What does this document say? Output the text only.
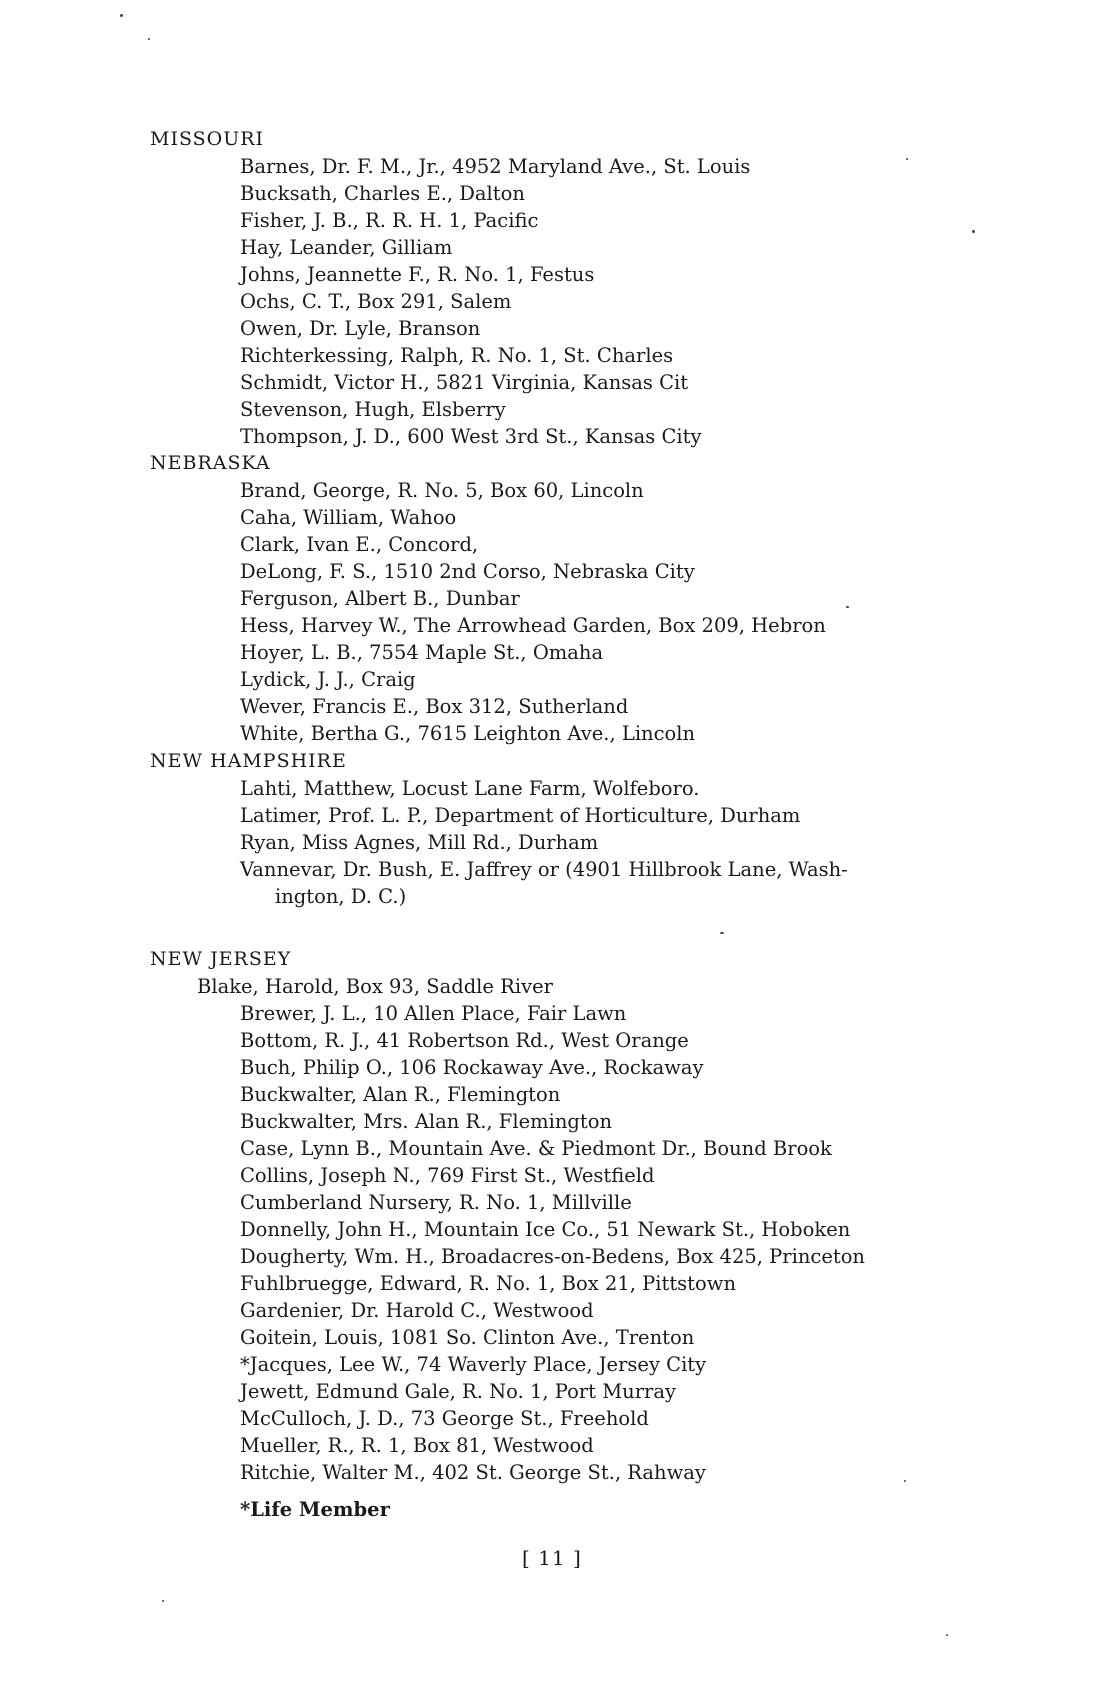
MISSOURI
Barnes, Dr. F. M., Jr., 4952 Maryland Ave., St. Louis
Bucksath, Charles E., Dalton
Fisher, J. B., R. R. H. 1, Pacific
Hay, Leander, Gilliam
Johns, Jeannette F., R. No. 1, Festus
Ochs, C. T., Box 291, Salem
Owen, Dr. Lyle, Branson
Richterkessing, Ralph, R. No. 1, St. Charles
Schmidt, Victor H., 5821 Virginia, Kansas Cit
Stevenson, Hugh, Elsberry
Thompson, J. D., 600 West 3rd St., Kansas City
NEBRASKA
Brand, George, R. No. 5, Box 60, Lincoln
Caha, William, Wahoo
Clark, Ivan E., Concord,
DeLong, F. S., 1510 2nd Corso, Nebraska City
Ferguson, Albert B., Dunbar
Hess, Harvey W., The Arrowhead Garden, Box 209, Hebron
Hoyer, L. B., 7554 Maple St., Omaha
Lydick, J. J., Craig
Wever, Francis E., Box 312, Sutherland
White, Bertha G., 7615 Leighton Ave., Lincoln
NEW HAMPSHIRE
Lahti, Matthew, Locust Lane Farm, Wolfeboro.
Latimer, Prof. L. P., Department of Horticulture, Durham
Ryan, Miss Agnes, Mill Rd., Durham
Vannevar, Dr. Bush, E. Jaffrey or (4901 Hillbrook Lane, Wash-
ington, D. C.)
NEW JERSEY
Blake, Harold, Box 93, Saddle River
Brewer, J. L., 10 Allen Place, Fair Lawn
Bottom, R. J., 41 Robertson Rd., West Orange
Buch, Philip O., 106 Rockaway Ave., Rockaway
Buckwalter, Alan R., Flemington
Buckwalter, Mrs. Alan R., Flemington
Case, Lynn B., Mountain Ave. & Piedmont Dr., Bound Brook
Collins, Joseph N., 769 First St., Westfield
Cumberland Nursery, R. No. 1, Millville
Donnelly, John H., Mountain Ice Co., 51 Newark St., Hoboken
Dougherty, Wm. H., Broadacres-on-Bedens, Box 425, Princeton
Fuhlbruegge, Edward, R. No. 1, Box 21, Pittstown
Gardenier, Dr. Harold C., Westwood
Goitein, Louis, 1081 So. Clinton Ave., Trenton
*Jacques, Lee W., 74 Waverly Place, Jersey City
Jewett, Edmund Gale, R. No. 1, Port Murray
McCulloch, J. D., 73 George St., Freehold
Mueller, R., R. 1, Box 81, Westwood
Ritchie, Walter M., 402 St. George St., Rahway
*Life Member
[ 11 ]
